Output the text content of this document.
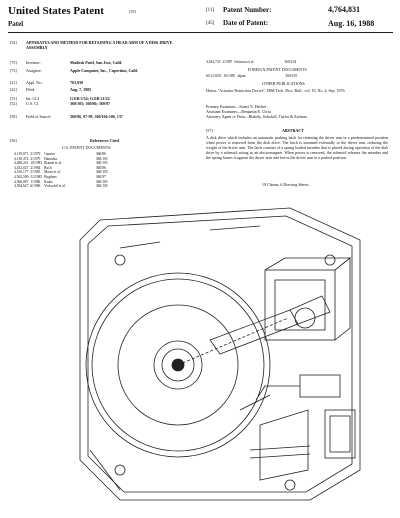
United States Patent	[19]
Patel
[11] Patent Number:	4,764,831
[45] Date of Patent:	Aug. 16, 1988
[54] APPARATUS AND METHOD FOR RETAINING A HEAD ARM OF A DISK DRIVE ASSEMBLY
[75] Inventor:	Shailesh Patel, San Jose, Calif.
[73] Assignee:	Apple Computer, Inc., Cupertino, Calif.
[21] Appl. No.:	763,939
[22] Filed:	Aug. 7, 1985
[51] Int. Cl.4	G11B 5/54; G11B 21/22
[52] U.S. Cl.	360/105; 360/86; 360/97
[58] Field of Search	360/86, 97-99, 360/104-106, 137
[56]	References Cited
U.S. PATENT DOCUMENTS
4,139,871	2/1979	Garnier	360/86
4,138,474	2/1979	Hanaoka	360/105
4,408,241	10/1983	Brandt et al.	360/105
4,432,027	2/1984	Ruch	360/86
4,516,177	5/1985	Moon et al.	360/105
4,562,500	12/1985	Bygdnes	360/97
4,566,087	1/1986	Kraus	360/105
4,594,627	6/1986	Viskochil et al.	360/105
4,624,733	1/1987	Ishiwata et al.	360/104
FOREIGN PATENT DOCUMENTS
60-211655	10/1985	Japan	360/105
OTHER PUBLICATIONS
Hearn, "Actuator Retraction Device", IBM Tech. Disc. Bull., vol. 19, No. 4, Sep. 1976.
Primary Examiner—Stuart N. Hecker
Assistant Examiner—Benjamin E. Urcia
Attorney, Agent or Firm—Blakely, Sokoloff, Taylor & Zafman
[57]	ABSTRACT
A disk drive which includes an automatic parking latch for retaining the driver arm in a predetermined position when power is removed from the disk drive. The latch is mounted externally to the driver arm, reducing the weight of the driver arm. The latch consists of a spring loaded member that is placed during operation of the disk drive by a solenoid acting as an electromagnet. When power is removed, the solenoid releases the member and the spring biases it against the driver arm and forces the driver arm to a parked position.
19 Claims, 6 Drawing Sheets
